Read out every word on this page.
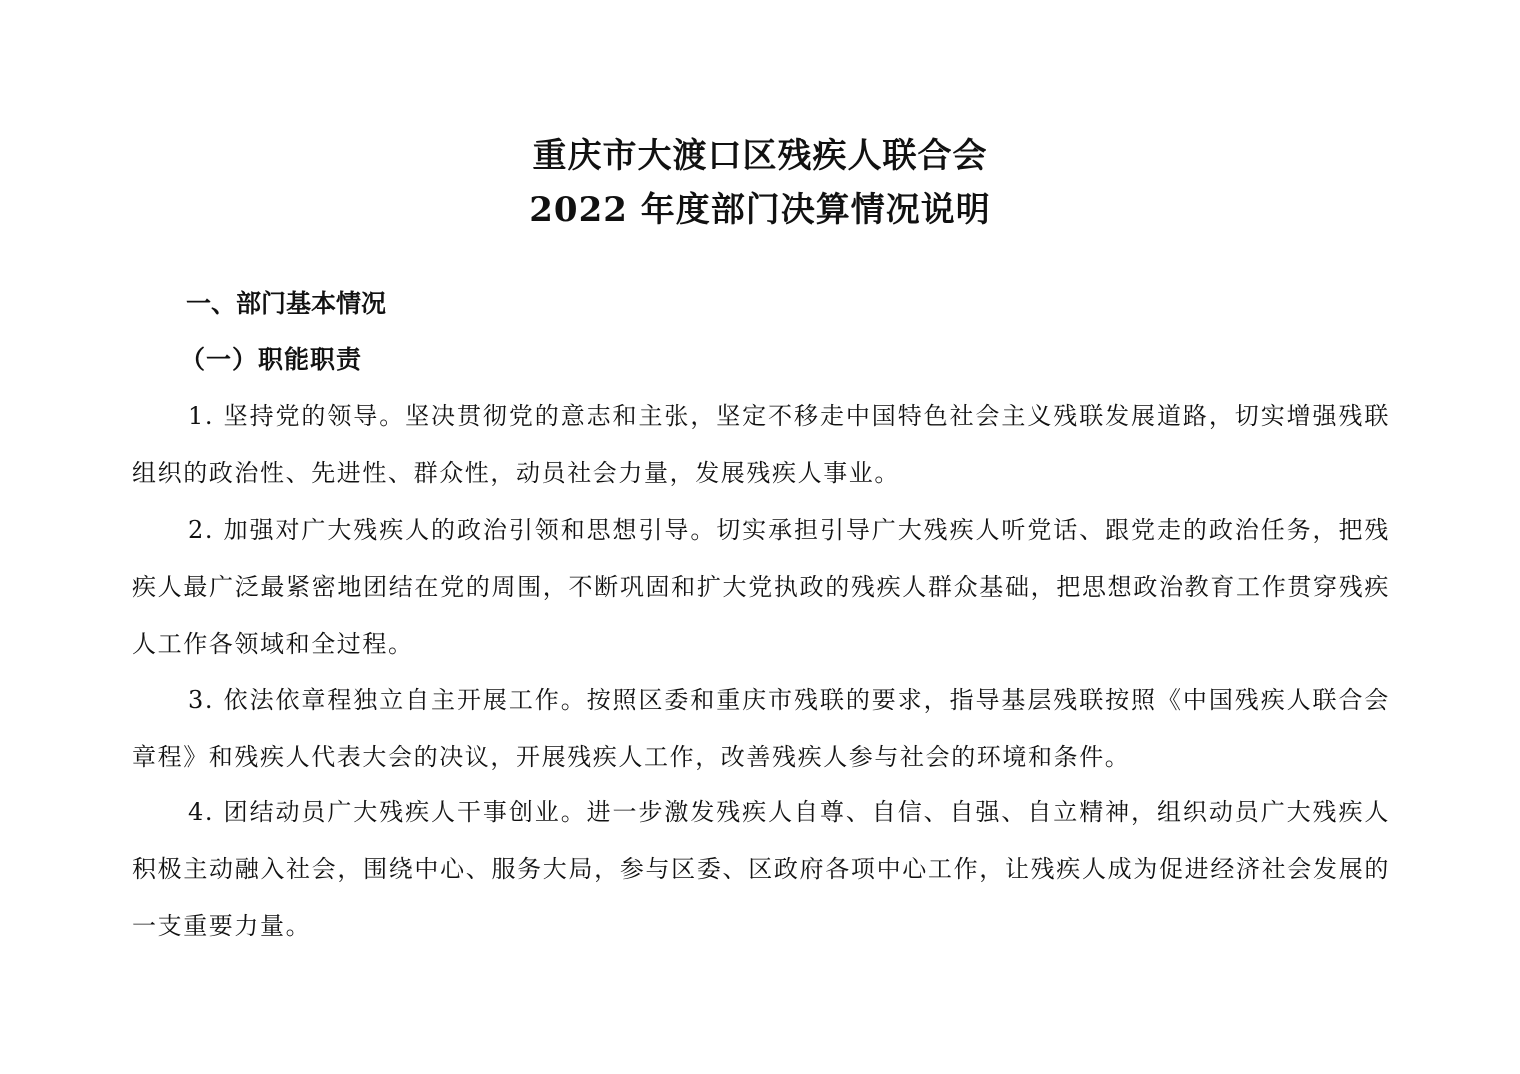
重庆市大渡口区残疾人联合会
2022 年度部门决算情况说明
一、部门基本情况
（一）职能职责

1. 坚持党的领导。坚决贯彻党的意志和主张，坚定不移走中国特色社会主义残联发展道路，切实增强残联组织的政治性、先进性、群众性，动员社会力量，发展残疾人事业。

2. 加强对广大残疾人的政治引领和思想引导。切实承担引导广大残疾人听党话、跟党走的政治任务，把残疾人最广泛最紧密地团结在党的周围，不断巩固和扩大党执政的残疾人群众基础，把思想政治教育工作贯穿残疾人工作各领域和全过程。

3. 依法依章程独立自主开展工作。按照区委和重庆市残联的要求，指导基层残联按照《中国残疾人联合会章程》和残疾人代表大会的决议，开展残疾人工作，改善残疾人参与社会的环境和条件。

4. 团结动员广大残疾人干事创业。进一步激发残疾人自尊、自信、自强、自立精神，组织动员广大残疾人积极主动融入社会，围绕中心、服务大局，参与区委、区政府各项中心工作，让残疾人成为促进经济社会发展的一支重要力量。
